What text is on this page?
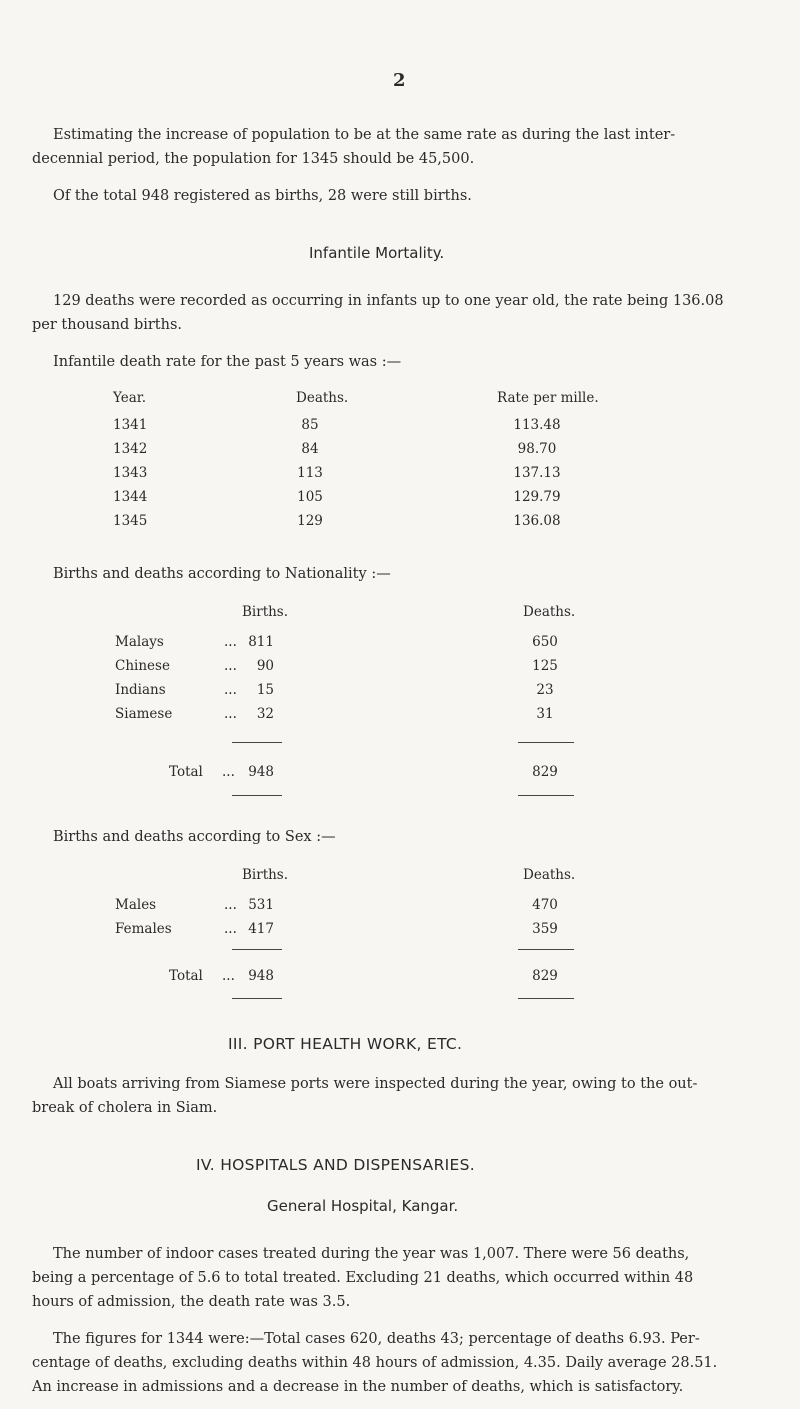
2
Estimating the increase of population to be at the same rate as during the last inter-
decennial period, the population for 1345 should be 45,500.
Of the total 948 registered as births, 28 were still births.
Infantile Mortality.
129 deaths were recorded as occurring in infants up to one year old, the rate being 136.08
per thousand births.
Infantile death rate for the past 5 years was :—
Year.	Deaths.	Rate per mille.
1341	85	113.48
1342	84	98.70
1343	113	137.13
1344	105	129.79
1345	129	136.08
Births and deaths according to Nationality :—
Births.	Deaths.
Malays	... 811	650
Chinese	...	90	125
Indians	...	15	23
Siamese	...	32	31
Total ... 948	829
Births and deaths according to Sex :—
Births.	Deaths.
Males	... 531	470
Females	... 417	359
Total ... 948	829
III. PORT HEALTH WORK, ETC.
All boats arriving from Siamese ports were inspected during the year, owing to the out-
break of cholera in Siam.
IV. HOSPITALS AND DISPENSARIES.
General Hospital, Kangar.
The number of indoor cases treated during the year was 1,007. There were 56 deaths,
being a percentage of 5.6 to total treated. Excluding 21 deaths, which occurred within 48
hours of admission, the death rate was 3.5.
The figures for 1344 were:—Total cases 620, deaths 43; percentage of deaths 6.93. Per-
centage of deaths, excluding deaths within 48 hours of admission, 4.35. Daily average 28.51.
An increase in admissions and a decrease in the number of deaths, which is satisfactory.
